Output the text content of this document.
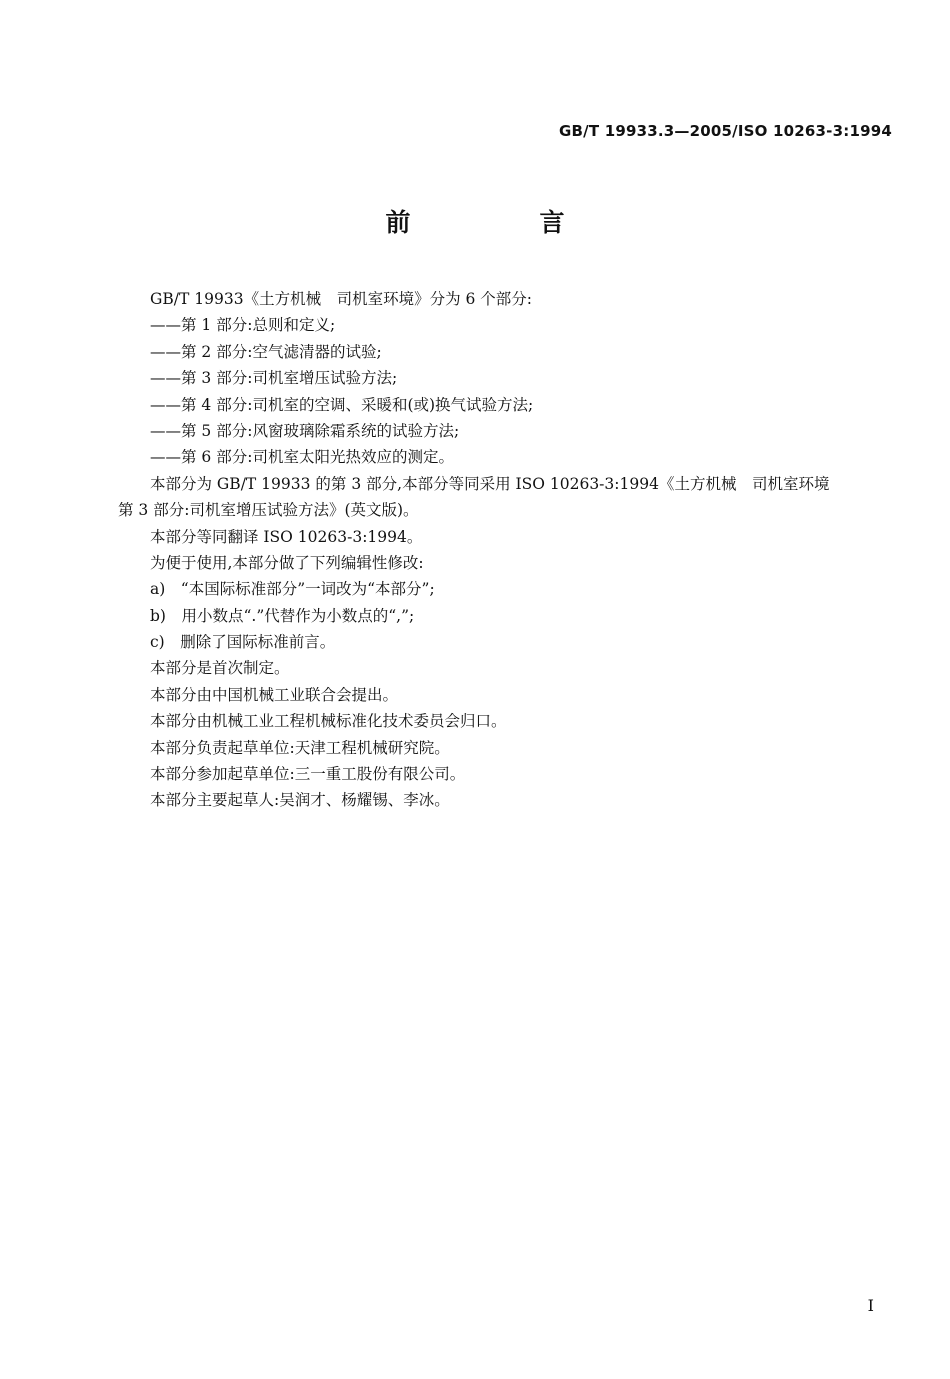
GB/T 19933.3—2005/ISO 10263-3:1994
前　言
GB/T 19933《土方机械　司机室环境》分为 6 个部分:
——第 1 部分:总则和定义;
——第 2 部分:空气滤清器的试验;
——第 3 部分:司机室增压试验方法;
——第 4 部分:司机室的空调、采暖和(或)换气试验方法;
——第 5 部分:风窗玻璃除霜系统的试验方法;
——第 6 部分:司机室太阳光热效应的测定。
本部分为 GB/T 19933 的第 3 部分,本部分等同采用 ISO 10263-3:1994《土方机械　司机室环境
第 3 部分:司机室增压试验方法》(英文版)。
本部分等同翻译 ISO 10263-3:1994。
为便于使用,本部分做了下列编辑性修改:
a)　“本国际标准部分”一词改为“本部分”;
b)　用小数点“.”代替作为小数点的“,”;
c)　删除了国际标准前言。
本部分是首次制定。
本部分由中国机械工业联合会提出。
本部分由机械工业工程机械标准化技术委员会归口。
本部分负责起草单位:天津工程机械研究院。
本部分参加起草单位:三一重工股份有限公司。
本部分主要起草人:吴润才、杨耀锡、李冰。
I
